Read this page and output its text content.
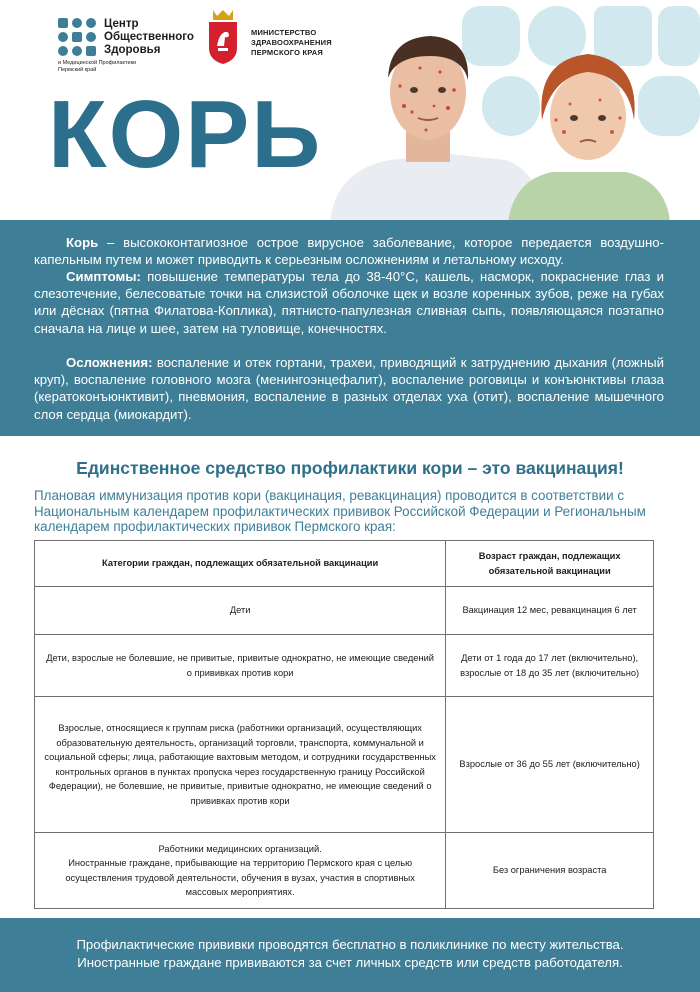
Центр
Общественного
Здоровья
и Медицинской Профилактики
Пермский край
МИНИСТЕРСТВО
ЗДРАВООХРАНЕНИЯ
ПЕРМСКОГО КРАЯ
КОРЬ

Корь – высококонтагиозное острое вирусное заболевание, которое передается воздушно-капельным путем и может приводить к серьезным осложнениям и летальному исходу.

Симптомы: повышение температуры тела до 38-40°С, кашель, насморк, покраснение глаз и слезотечение, белесоватые точки на слизистой оболочке щек и возле коренных зубов, реже на губах или дёснах (пятна Филатова-Коплика), пятнисто-папулезная сливная сыпь, появляющаяся поэтапно сначала на лице и шее, затем на туловище, конечностях.

Осложнения: воспаление и отек гортани, трахеи, приводящий к затруднению дыхания (ложный круп), воспаление головного мозга (менингоэнцефалит), воспаление роговицы и конъюнктивы глаза (кератоконъюнктивит), пневмония, воспаление в разных отделах уха (отит), воспаление мышечного слоя сердца (миокардит).

Единственное средство профилактики кори – это вакцинация!
Плановая иммунизация против кори (вакцинация, ревакцинация) проводится в соответствии с Национальным календарем профилактических прививок Российской Федерации и Региональным календарем профилактических прививок Пермского края:
Категории граждан, подлежащих обязательной вакцинации	Возраст граждан, подлежащих обязательной вакцинации
Дети	Вакцинация 12 мес, ревакцинация 6 лет
Дети, взрослые не болевшие, не привитые, привитые однократно, не имеющие сведений о прививках против кори	Дети от 1 года до 17 лет (включительно), взрослые от 18 до 35 лет (включительно)
Взрослые, относящиеся к группам риска (работники организаций, осуществляющих образовательную деятельность, организаций торговли, транспорта, коммунальной и социальной сферы; лица, работающие вахтовым методом, и сотрудники государственных контрольных органов в пунктах пропуска через государственную границу Российской Федерации), не болевшие, не привитые, привитые однократно, не имеющие сведений о прививках против кори	Взрослые от 36 до 55 лет (включительно)

Работники медицинских организаций.
Иностранные граждане, прибывающие на территорию Пермского края с целью осуществления трудовой деятельности, обучения в вузах, участия в спортивных массовых мероприятиях.	Без ограничения возраста

Профилактические прививки проводятся бесплатно в поликлинике по месту жительства.

Иностранные граждане прививаются за счет личных средств или средств работодателя.
